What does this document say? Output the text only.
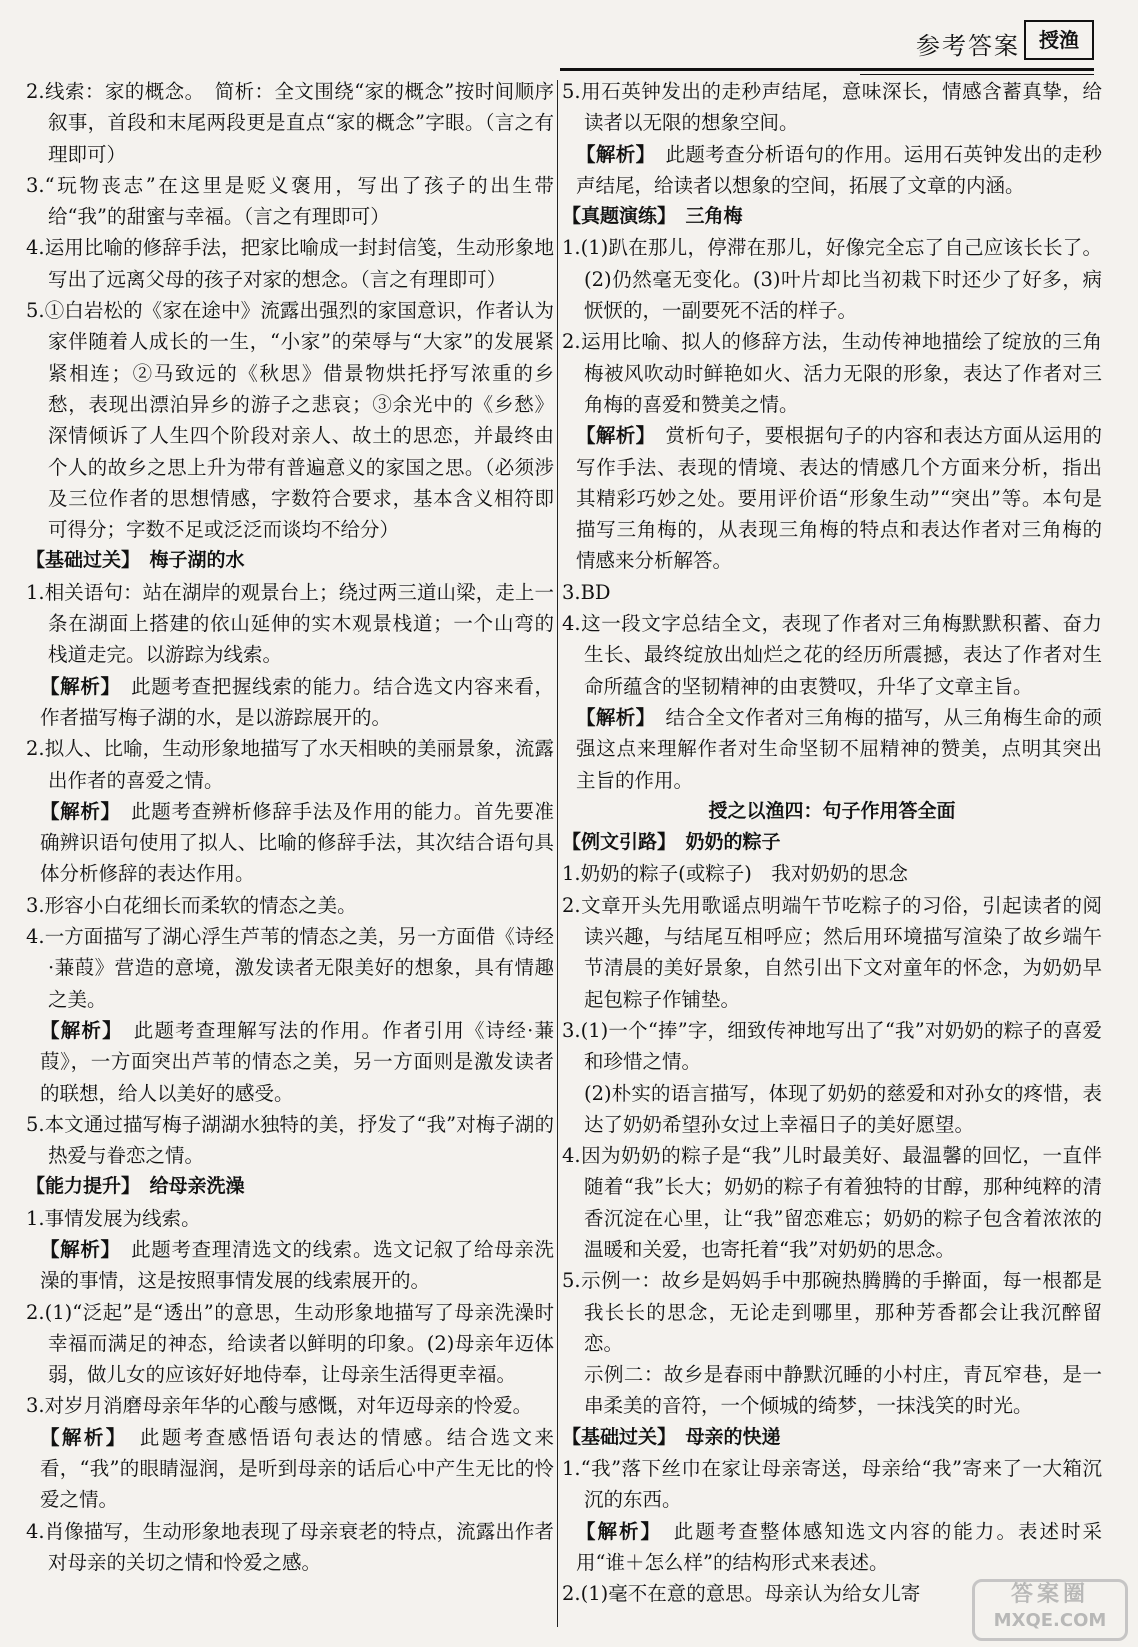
参考答案 授渔

2.线索：家的概念。　简析：全文围绕“家的概念”按时间顺序叙事，首段和末尾两段更是直点“家的概念”字眼。（言之有理即可）

3.“玩物丧志”在这里是贬义褒用，写出了孩子的出生带给“我”的甜蜜与幸福。（言之有理即可）

4.运用比喻的修辞手法，把家比喻成一封封信笺，生动形象地写出了远离父母的孩子对家的想念。（言之有理即可）

5.①白岩松的《家在途中》流露出强烈的家国意识，作者认为家伴随着人成长的一生，“小家”的荣辱与“大家”的发展紧紧相连；②马致远的《秋思》借景物烘托抒写浓重的乡愁，表现出漂泊异乡的游子之悲哀；③余光中的《乡愁》深情倾诉了人生四个阶段对亲人、故土的思恋，并最终由个人的故乡之思上升为带有普遍意义的家国之思。（必须涉及三位作者的思想情感，字数符合要求，基本含义相符即可得分；字数不足或泛泛而谈均不给分）

【基础过关】　梅子湖的水

1.相关语句：站在湖岸的观景台上；绕过两三道山梁，走上一条在湖面上搭建的依山延伸的实木观景栈道；一个山弯的栈道走完。以游踪为线索。

【解析】　此题考查把握线索的能力。结合选文内容来看，作者描写梅子湖的水，是以游踪展开的。

2.拟人、比喻，生动形象地描写了水天相映的美丽景象，流露出作者的喜爱之情。

【解析】　此题考查辨析修辞手法及作用的能力。首先要准确辨识语句使用了拟人、比喻的修辞手法，其次结合语句具体分析修辞的表达作用。

3.形容小白花细长而柔软的情态之美。

4.一方面描写了湖心浮生芦苇的情态之美，另一方面借《诗经·蒹葭》营造的意境，激发读者无限美好的想象，具有情趣之美。

【解析】　此题考查理解写法的作用。作者引用《诗经·蒹葭》，一方面突出芦苇的情态之美，另一方面则是激发读者的联想，给人以美好的感受。

5.本文通过描写梅子湖湖水独特的美，抒发了“我”对梅子湖的热爱与眷恋之情。

【能力提升】　给母亲洗澡

1.事情发展为线索。

【解析】　此题考查理清选文的线索。选文记叙了给母亲洗澡的事情，这是按照事情发展的线索展开的。

2.(1)“泛起”是“透出”的意思，生动形象地描写了母亲洗澡时幸福而满足的神态，给读者以鲜明的印象。(2)母亲年迈体弱，做儿女的应该好好地侍奉，让母亲生活得更幸福。

3.对岁月消磨母亲年华的心酸与感慨，对年迈母亲的怜爱。

【解析】　此题考查感悟语句表达的情感。结合选文来看，“我”的眼睛湿润，是听到母亲的话后心中产生无比的怜爱之情。

4.肖像描写，生动形象地表现了母亲衰老的特点，流露出作者对母亲的关切之情和怜爱之感。

5.用石英钟发出的走秒声结尾，意味深长，情感含蓄真挚，给读者以无限的想象空间。

【解析】　此题考查分析语句的作用。运用石英钟发出的走秒声结尾，给读者以想象的空间，拓展了文章的内涵。

【真题演练】　三角梅

1.(1)趴在那儿，停滞在那儿，好像完全忘了自己应该长长了。(2)仍然毫无变化。(3)叶片却比当初栽下时还少了好多，病恹恹的，一副要死不活的样子。

2.运用比喻、拟人的修辞方法，生动传神地描绘了绽放的三角梅被风吹动时鲜艳如火、活力无限的形象，表达了作者对三角梅的喜爱和赞美之情。

【解析】　赏析句子，要根据句子的内容和表达方面从运用的写作手法、表现的情境、表达的情感几个方面来分析，指出其精彩巧妙之处。要用评价语“形象生动”“突出”等。本句是描写三角梅的，从表现三角梅的特点和表达作者对三角梅的情感来分析解答。

3.BD

4.这一段文字总结全文，表现了作者对三角梅默默积蓄、奋力生长、最终绽放出灿烂之花的经历所震撼，表达了作者对生命所蕴含的坚韧精神的由衷赞叹，升华了文章主旨。

【解析】　结合全文作者对三角梅的描写，从三角梅生命的顽强这点来理解作者对生命坚韧不屈精神的赞美，点明其突出主旨的作用。

授之以渔四：句子作用答全面

【例文引路】　奶奶的粽子

1.奶奶的粽子(或粽子)　我对奶奶的思念

2.文章开头先用歌谣点明端午节吃粽子的习俗，引起读者的阅读兴趣，与结尾互相呼应；然后用环境描写渲染了故乡端午节清晨的美好景象，自然引出下文对童年的怀念，为奶奶早起包粽子作铺垫。

3.(1)一个“捧”字，细致传神地写出了“我”对奶奶的粽子的喜爱和珍惜之情。

(2)朴实的语言描写，体现了奶奶的慈爱和对孙女的疼惜，表达了奶奶希望孙女过上幸福日子的美好愿望。

4.因为奶奶的粽子是“我”儿时最美好、最温馨的回忆，一直伴随着“我”长大；奶奶的粽子有着独特的甘醇，那种纯粹的清香沉淀在心里，让“我”留恋难忘；奶奶的粽子包含着浓浓的温暖和关爱，也寄托着“我”对奶奶的思念。

5.示例一：故乡是妈妈手中那碗热腾腾的手擀面，每一根都是我长长的思念，无论走到哪里，那种芳香都会让我沉醉留恋。

示例二：故乡是春雨中静默沉睡的小村庄，青瓦窄巷，是一串柔美的音符，一个倾城的绮梦，一抹浅笑的时光。

【基础过关】　母亲的快递

1.“我”落下丝巾在家让母亲寄送，母亲给“我”寄来了一大箱沉沉的东西。

【解析】　此题考查整体感知选文内容的能力。表述时采用“谁＋怎么样”的结构形式来表述。

2.(1)毫不在意的意思。母亲认为给女儿寄	答案圈
MXQE.COM
